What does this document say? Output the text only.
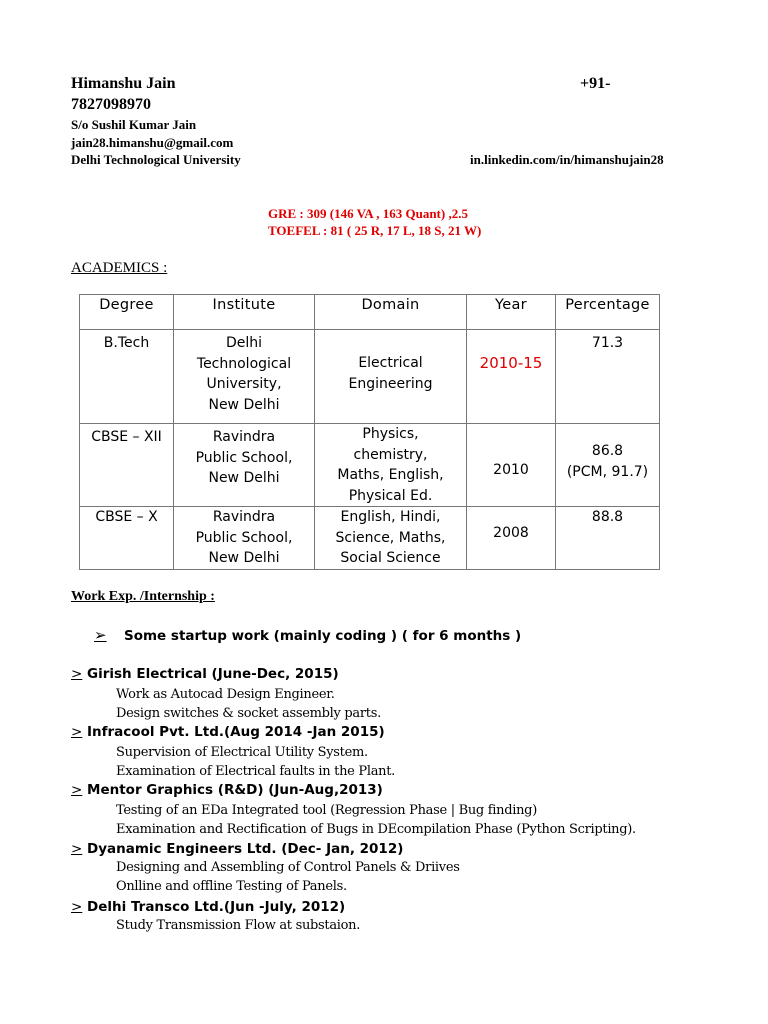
Himanshu Jain	+91-
7827098970
S/o Sushil Kumar Jain
jain28.himanshu@gmail.com
Delhi Technological University	in.linkedin.com/in/himanshujain28
GRE : 309 (146 VA , 163 Quant) ,2.5
TOEFEL : 81 ( 25 R, 17 L, 18 S, 21 W)
ACADEMICS :
Degree	Institute	Domain	Year	Percentage

B.Tech	Delhi
Technological
University,
New Delhi	Electrical
Engineering	2010-15	71.3

CBSE – XII	Ravindra
Public School,
New Delhi	Physics,
chemistry,
Maths, English,
Physical Ed.	2010	86.8
(PCM, 91.7)

CBSE – X	Ravindra
Public School,
New Delhi	English, Hindi,
Science, Maths,
Social Science	2008	88.8
Work Exp. /Internship :
➢ Some startup work (mainly coding ) ( for 6 months )
> Girish Electrical (June-Dec, 2015)
Work as Autocad Design Engineer.
Design switches & socket assembly parts.
> Infracool Pvt. Ltd.(Aug 2014 -Jan 2015)
Supervision of Electrical Utility System.
Examination of Electrical faults in the Plant.
> Mentor Graphics (R&D) (Jun-Aug,2013)
Testing of an EDa Integrated tool (Regression Phase | Bug finding)
Examination and Rectification of Bugs in DEcompilation Phase (Python Scripting).
> Dyanamic Engineers Ltd. (Dec- Jan, 2012)
Designing and Assembling of Control Panels & Driives
Onlline and offline Testing of Panels.
> Delhi Transco Ltd.(Jun -July, 2012)
Study Transmission Flow at substaion.
